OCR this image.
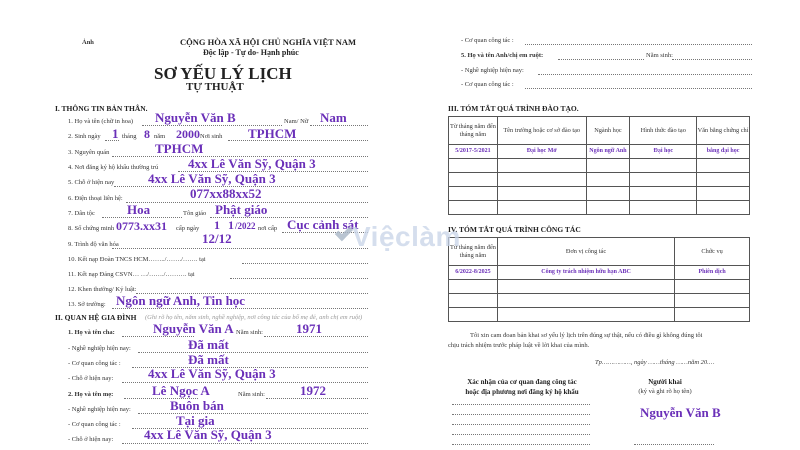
Ảnh	CỘNG HÒA XÃ HỘI CHỦ NGHĨA VIỆT NAM
Độc lập - Tự do- Hạnh phúc
SƠ YẾU LÝ LỊCH
TỰ THUẬT
I. THÔNG TIN BẢN THÂN.
1. Họ và tên (chữ in hoa) Nguyễn Văn B	Nam/ Nữ Nam
2. Sinh ngày 1 tháng 8 năm 2000 Nơi sinh TPHCM
3. Nguyên quán	TPHCM
4. Nơi đăng ký hộ khẩu thường trú 4xx Lê Văn Sỹ, Quận 3
5. Chỗ ở hiện nay	4xx Lê Văn Sỹ, Quận 3
6. Điện thoại liên hệ:	077xx88xx52
7. Dân tộc Hoa	Tôn giáo Phật giáo
8. Số chứng minh 0773.xx31 cấp ngày 1 1 /2022 nơi cấp Cục cảnh sát
9. Trình độ văn hóa	12/12
10. Kết nạp Đoàn TNCS HCM……../……./……. tại
11. Kết nạp Đảng CSVN… …/……./………. tại
12. Khen thưởng/ Kỷ luật:
13. Sở trường: Ngôn ngữ Anh, Tin học
II. QUAN HỆ GIA ĐÌNH (Ghi rõ họ tên, năm sinh, nghề nghiệp, nơi công tác của bố mẹ đẻ, anh chị em ruột)
1. Họ và tên cha:	Nguyễn Văn A Năm sinh:	1971
- Nghề nghiệp hiện nay:	Đã mất
- Cơ quan công tác :	Đã mất
- Chỗ ở hiện nay:	4xx Lê Văn Sỹ, Quận 3
2. Họ và tên mẹ:	Lê Ngọc A	Năm sinh:	1972
- Nghề nghiệp hiện nay:	Buôn bán
- Cơ quan công tác :	Tại gia
- Chỗ ở hiện nay: 4xx Lê Văn Sỹ, Quận 3
- Cơ quan công tác :
5. Họ và tên Anh/chị em ruột:	Năm sinh:
- Nghề nghiệp hiện nay:
- Cơ quan công tác :
III. TÓM TẮT QUÁ TRÌNH ĐÀO TẠO.
Từ tháng năm đến tháng năm	Tên trường hoặc cơ sở đào tạo	Ngành học	Hình thức đào tạo	Văn bằng chứng chỉ
5/2017-5/2021	Đại học Mở	Ngôn ngữ Anh	Đại học	bằng đại học

IV. TÓM TẮT QUÁ TRÌNH CÔNG TÁC
Từ tháng năm đến tháng năm	Đơn vị công tác	Chức vụ
6/2022-8/2025	Công ty trách nhiệm hữu hạn ABC	Phiên dịch

Tôi xin cam đoan bản khai sơ yếu lý lịch trên đúng sự thật, nếu có điều gì không đúng tôi
chịu trách nhiệm trước pháp luật về lời khai của mình.
Tp……………, ngày ……tháng ……năm 20.…
Xác nhận của cơ quan đang công tác
hoặc địa phương nơi đăng ký hộ khẩu
Người khai
(ký và ghi rõ họ tên)
Nguyễn Văn B
Việclàm
